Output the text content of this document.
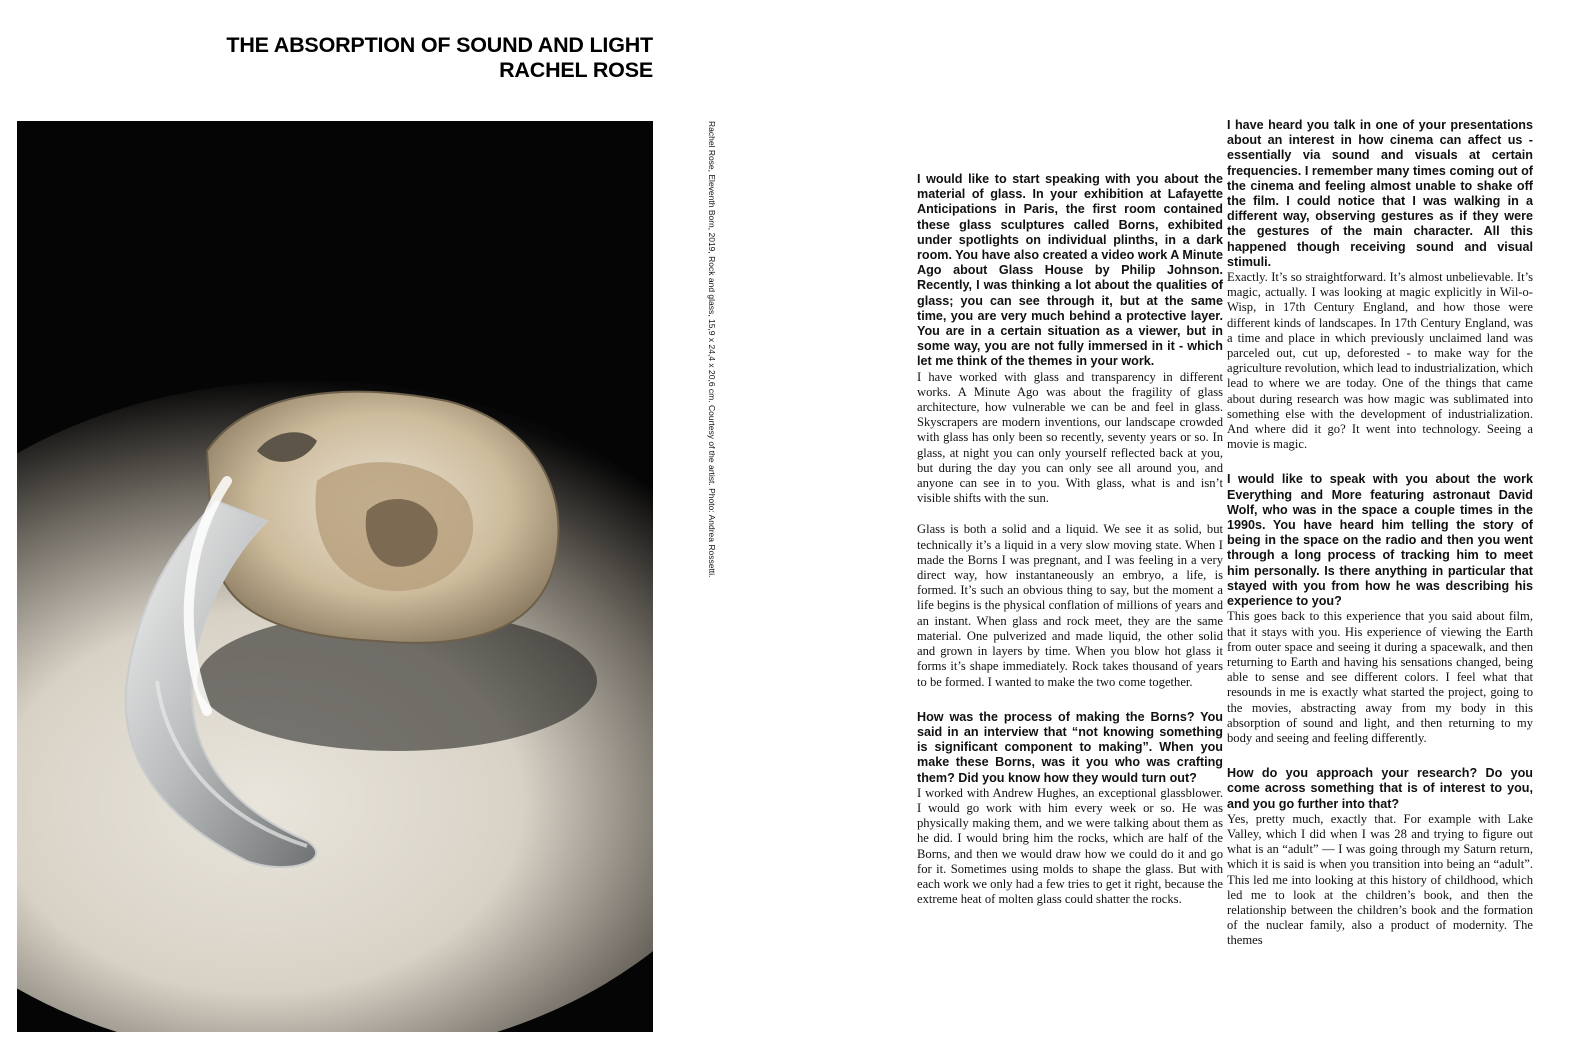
THE ABSORPTION OF SOUND AND LIGHT
RACHEL ROSE
Rachel Rose, Eleventh Born, 2019, Rock and glass, 15,9 x 24,4 x 20,6 cm. Courtesy of the artist. Photo: Andrea Rossetti.	I would like to start speaking with you about the material of glass. In your exhibition at Lafayette Anticipations in Paris, the first room contained these glass sculptures called Borns, exhibited under spotlights on individual plinths, in a dark room. You have also created a video work A Minute Ago about Glass House by Philip Johnson. Recently, I was thinking a lot about the qualities of glass; you can see through it, but at the same time, you are very much behind a protective layer. You are in a certain situation as a viewer, but in some way, you are not fully immersed in it - which let me think of the themes in your work.

I have worked with glass and transparency in different works. A Minute Ago was about the fragility of glass architecture, how vulnerable we can be and feel in glass. Skyscrapers are modern inventions, our landscape crowded with glass has only been so recently, seventy years or so. In glass, at night you can only yourself reflected back at you, but during the day you can only see all around you, and anyone can see in to you. With glass, what is and isn’t visible shifts with the sun.

Glass is both a solid and a liquid. We see it as solid, but technically it’s a liquid in a very slow moving state. When I made the Borns I was pregnant, and I was feeling in a very direct way, how instantaneously an embryo, a life, is formed. It’s such an obvious thing to say, but the moment a life begins is the physical conflation of millions of years and an instant. When glass and rock meet, they are the same material. One pulverized and made liquid, the other solid and grown in layers by time. When you blow hot glass it forms it’s shape immediately. Rock takes thousand of years to be formed. I wanted to make the two come together.

How was the process of making the Borns? You said in an interview that “not knowing something is significant component to making”. When you make these Borns, was it you who was crafting them? Did you know how they would turn out?

I worked with Andrew Hughes, an exceptional glassblower. I would go work with him every week or so. He was physically making them, and we were talking about them as he did. I would bring him the rocks, which are half of the Borns, and then we would draw how we could do it and go for it. Sometimes using molds to shape the glass. But with each work we only had a few tries to get it right, because the extreme heat of molten glass could shatter the rocks.

I have heard you talk in one of your presentations about an interest in how cinema can affect us - essentially via sound and visuals at certain frequencies. I remember many times coming out of the cinema and feeling almost unable to shake off the film. I could notice that I was walking in a different way, observing gestures as if they were the gestures of the main character. All this happened though receiving sound and visual stimuli.

Exactly. It’s so straightforward. It’s almost unbelievable. It’s magic, actually. I was looking at magic explicitly in Wil-o-Wisp, in 17th Century England, and how those were different kinds of landscapes. In 17th Century England, was a time and place in which previously unclaimed land was parceled out, cut up, deforested - to make way for the agriculture revolution, which lead to industrialization, which lead to where we are today. One of the things that came about during research was how magic was sublimated into something else with the development of industrialization. And where did it go? It went into technology. Seeing a movie is magic.

I would like to speak with you about the work Everything and More featuring astronaut David Wolf, who was in the space a couple times in the 1990s. You have heard him telling the story of being in the space on the radio and then you went through a long process of tracking him to meet him personally. Is there anything in particular that stayed with you from how he was describing his experience to you?

This goes back to this experience that you said about film, that it stays with you. His experience of viewing the Earth from outer space and seeing it during a spacewalk, and then returning to Earth and having his sensations changed, being able to sense and see different colors. I feel what that resounds in me is exactly what started the project, going to the movies, abstracting away from my body in this absorption of sound and light, and then returning to my body and seeing and feeling differently.

How do you approach your research? Do you come across something that is of interest to you, and you go further into that?

Yes, pretty much, exactly that. For example with Lake Valley, which I did when I was 28 and trying to figure out what is an “adult” — I was going through my Saturn return, which it is said is when you transition into being an “adult”. This led me into looking at this history of childhood, which led me to look at the children’s book, and then the relationship between the children’s book and the formation of the nuclear family, also a product of modernity. The themes
